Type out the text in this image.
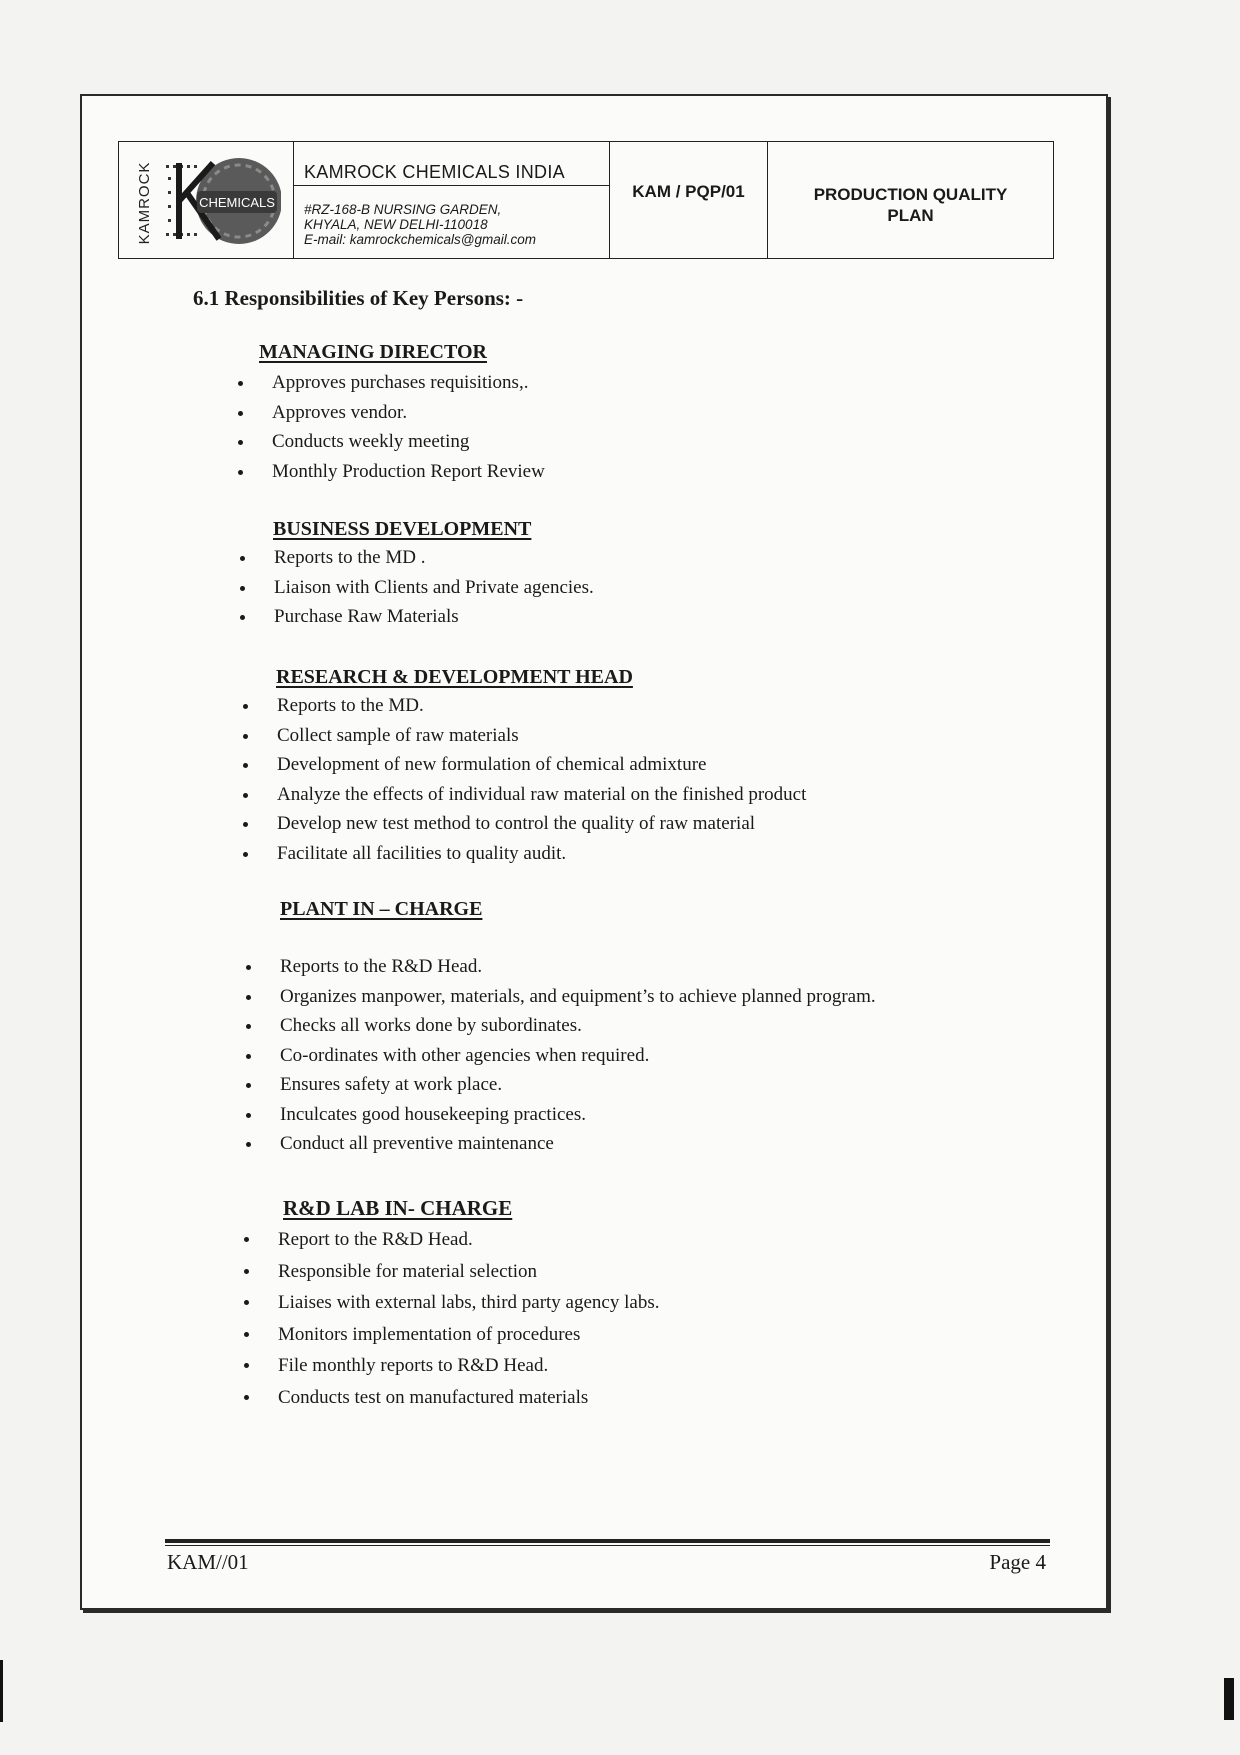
KAMROCK	CHEMICALS
KAMROCK CHEMICALS INDIA
#RZ-168-B NURSING GARDEN,
KHYALA, NEW DELHI-110018
E-mail: kamrockchemicals@gmail.com
KAM / PQP/01	PRODUCTION QUALITY
PLAN
6.1 Responsibilities of Key Persons: -
MANAGING DIRECTOR
Approves purchases requisitions,.
Approves vendor.
Conducts weekly meeting
Monthly Production Report Review
BUSINESS DEVELOPMENT
Reports to the MD .
Liaison with Clients and Private agencies.
Purchase Raw Materials
RESEARCH & DEVELOPMENT HEAD
Reports to the MD.
Collect sample of raw materials
Development of new formulation of chemical admixture
Analyze the effects of individual raw material on the finished product
Develop new test method to control the quality of raw material
Facilitate all facilities to quality audit.
PLANT IN – CHARGE
Reports to the R&D Head.
Organizes manpower, materials, and equipment’s to achieve planned program.
Checks all works done by subordinates.
Co-ordinates with other agencies when required.
Ensures safety at work place.
Inculcates good housekeeping practices.
Conduct all preventive maintenance
R&D LAB IN- CHARGE
Report to the R&D Head.
Responsible for material selection
Liaises with external labs, third party agency labs.
Monitors implementation of procedures
File monthly reports to R&D Head.
Conducts test on manufactured materials
KAM//01	Page 4
